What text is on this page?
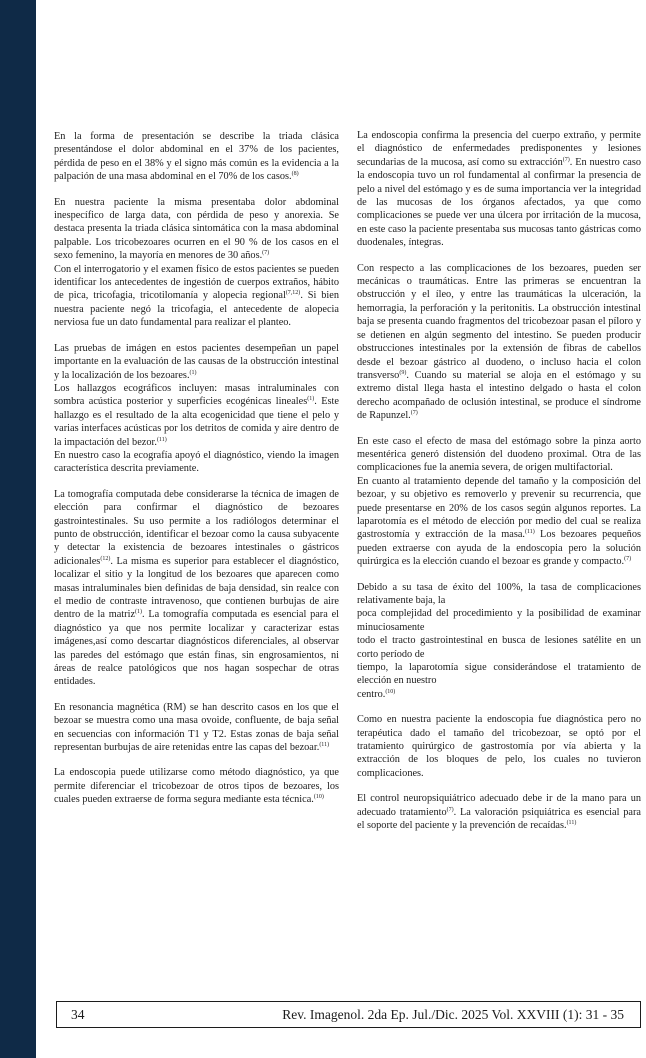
En la forma de presentación se describe la triada clásica presentándose el dolor abdominal en el 37% de los pacientes, pérdida de peso en el 38% y el signo más común es la evidencia a la palpación de una masa abdominal en el 70% de los casos.$^{(8)}$

En nuestra paciente la misma presentaba dolor abdominal inespecífico de larga data, con pérdida de peso y anorexia. Se destaca presenta la triada clásica sintomática con la masa abdominal palpable. Los tricobezoares ocurren en el 90 % de los casos en el sexo femenino, la mayoría en menores de 30 años.$^{(7)}$

Con el interrogatorio y el examen físico de estos pacientes se pueden identificar los antecedentes de ingestión de cuerpos extraños, hábito de pica, tricofagia, tricotilomanía y alopecia regional$^{(7,12)}$. Si bien nuestra paciente negó la tricofagia, el antecedente de alopecia nerviosa fue un dato fundamental para realizar el planteo.

Las pruebas de imágen en estos pacientes desempeñan un papel importante en la evaluación de las causas de la obstrucción intestinal y la localización de los bezoares.$^{(1)}$

Los hallazgos ecográficos incluyen: masas intraluminales con sombra acústica posterior y superficies ecogénicas lineales$^{(1)}$. Este hallazgo es el resultado de la alta ecogenicidad que tiene el pelo y varias interfaces acústicas por los detritos de comida y aire dentro de la impactación del bezor.$^{(11)}$

En nuestro caso la ecografía apoyó el diagnóstico, viendo la imagen característica descrita previamente.

La tomografía computada debe considerarse la técnica de imagen de elección para confirmar el diagnóstico de bezoares gastrointestinales. Su uso permite a los radiólogos determinar el punto de obstrucción, identificar el bezoar como la causa subyacente y detectar la existencia de bezoares intestinales o gástricos adicionales$^{(12)}$. La misma es superior para establecer el diagnóstico, localizar el sitio y la longitud de los bezoares que aparecen como masas intraluminales bien definidas de baja densidad, sin realce con el medio de contraste intravenoso, que contienen burbujas de aire dentro de la matriz$^{(1)}$. La tomografía computada es esencial para el diagnóstico ya que nos permite localizar y caracterizar estas imágenes,así como descartar diagnósticos diferenciales, al observar las paredes del estómago que están finas, sin engrosamientos, ni áreas de realce patológicos que nos hagan sospechar de otras entidades.

En resonancia magnética (RM) se han descrito casos en los que el bezoar se muestra como una masa ovoide, confluente, de baja señal en secuencias con información T1 y T2. Estas zonas de baja señal representan burbujas de aire retenidas entre las capas del bezoar.$^{(11)}$

La endoscopia puede utilizarse como método diagnóstico, ya que permite diferenciar el tricobezoar de otros tipos de bezoares, los cuales pueden extraerse de forma segura mediante esta técnica.$^{(10)}$

La endoscopia confirma la presencia del cuerpo extraño, y permite el diagnóstico de enfermedades predisponentes y lesiones secundarias de la mucosa, así como su extracción$^{(7)}$. En nuestro caso la endoscopia tuvo un rol fundamental al confirmar la presencia de pelo a nivel del estómago y es de suma importancia ver la integridad de las mucosas de los órganos afectados, ya que como complicaciones se puede ver una úlcera por irritación de la mucosa, en este caso la paciente presentaba sus mucosas tanto gástricas como duodenales, íntegras.

Con respecto a las complicaciones de los bezoares, pueden ser mecánicas o traumáticas. Entre las primeras se encuentran la obstrucción y el íleo, y entre las traumáticas la ulceración, la hemorragia, la perforación y la peritonitis. La obstrucción intestinal baja se presenta cuando fragmentos del tricobezoar pasan el píloro y se detienen en algún segmento del intestino. Se pueden producir obstrucciones intestinales por la extensión de fibras de cabellos desde el bezoar gástrico al duodeno, o incluso hacia el colon transverso$^{(9)}$. Cuando su material se aloja en el estómago y su extremo distal llega hasta el intestino delgado o hasta el colon derecho acompañado de oclusión intestinal, se produce el síndrome de Rapunzel.$^{(7)}$

En este caso el efecto de masa del estómago sobre la pinza aorto mesentérica generó distensión del duodeno proximal. Otra de las complicaciones fue la anemia severa, de origen multifactorial.

En cuanto al tratamiento depende del tamaño y la composición del bezoar, y su objetivo es removerlo y prevenir su recurrencia, que puede presentarse en 20% de los casos según algunos reportes. La laparotomía es el método de elección por medio del cual se realiza gastrostomía y extracción de la masa.$^{(11)}$ Los bezoares pequeños pueden extraerse con ayuda de la endoscopia pero la solución quirúrgica es la elección cuando el bezoar es grande y compacto.$^{(7)}$

Debido a su tasa de éxito del 100%, la tasa de complicaciones relativamente baja, la

poca complejidad del procedimiento y la posibilidad de examinar minuciosamente

todo el tracto gastrointestinal en busca de lesiones satélite en un corto período de

tiempo, la laparotomía sigue considerándose el tratamiento de elección en nuestro

centro.$^{(10)}$

Como en nuestra paciente la endoscopia fue diagnóstica pero no terapéutica dado el tamaño del tricobezoar, se optó por el tratamiento quirúrgico de gastrostomía por vía abierta y la extracción de los bloques de pelo, los cuales no tuvieron complicaciones.

El control neuropsiquiátrico adecuado debe ir de la mano para un adecuado tratamiento$^{(7)}$. La valoración psiquiátrica es esencial para el soporte del paciente y la prevención de recaídas.$^{(11)}$

34	Rev. Imagenol. 2da Ep. Jul./Dic. 2025 Vol. XXVIII (1): 31 - 35
